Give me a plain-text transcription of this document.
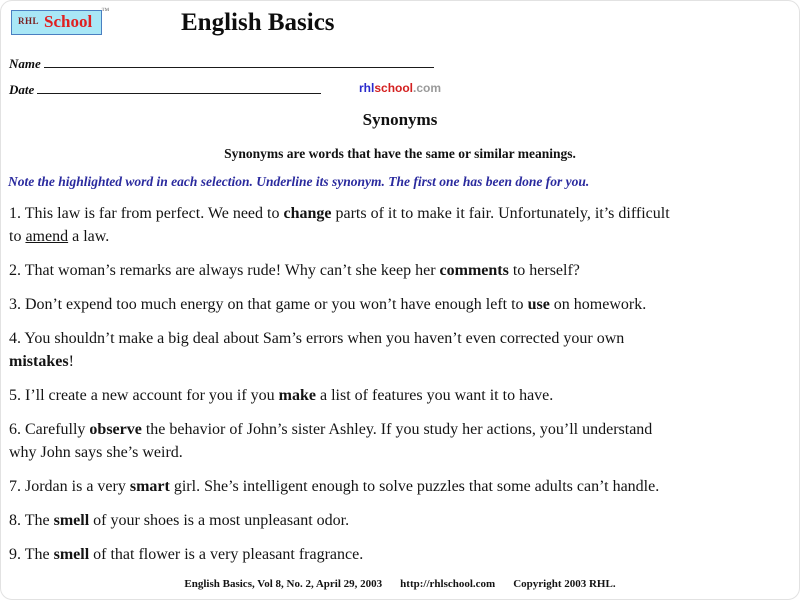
RHL School
™	English Basics
Name
Date	rhlschool.com
Synonyms

Synonyms are words that have the same or similar meanings.

Note the highlighted word in each selection. Underline its synonym. The first one has been done for you.

1. This law is far from perfect. We need to change parts of it to make it fair. Unfortunately, it’s difficult
to amend a law.

2. That woman’s remarks are always rude! Why can’t she keep her comments to herself?

3. Don’t expend too much energy on that game or you won’t have enough left to use on homework.

4. You shouldn’t make a big deal about Sam’s errors when you haven’t even corrected your own
mistakes!

5. I’ll create a new account for you if you make a list of features you want it to have.

6. Carefully observe the behavior of John’s sister Ashley. If you study her actions, you’ll understand
why John says she’s weird.

7. Jordan is a very smart girl. She’s intelligent enough to solve puzzles that some adults can’t handle.

8. The smell of your shoes is a most unpleasant odor.

9. The smell of that flower is a very pleasant fragrance.

English Basics, Vol 8, No. 2, April 29, 2003 http://rhlschool.com Copyright 2003 RHL.
